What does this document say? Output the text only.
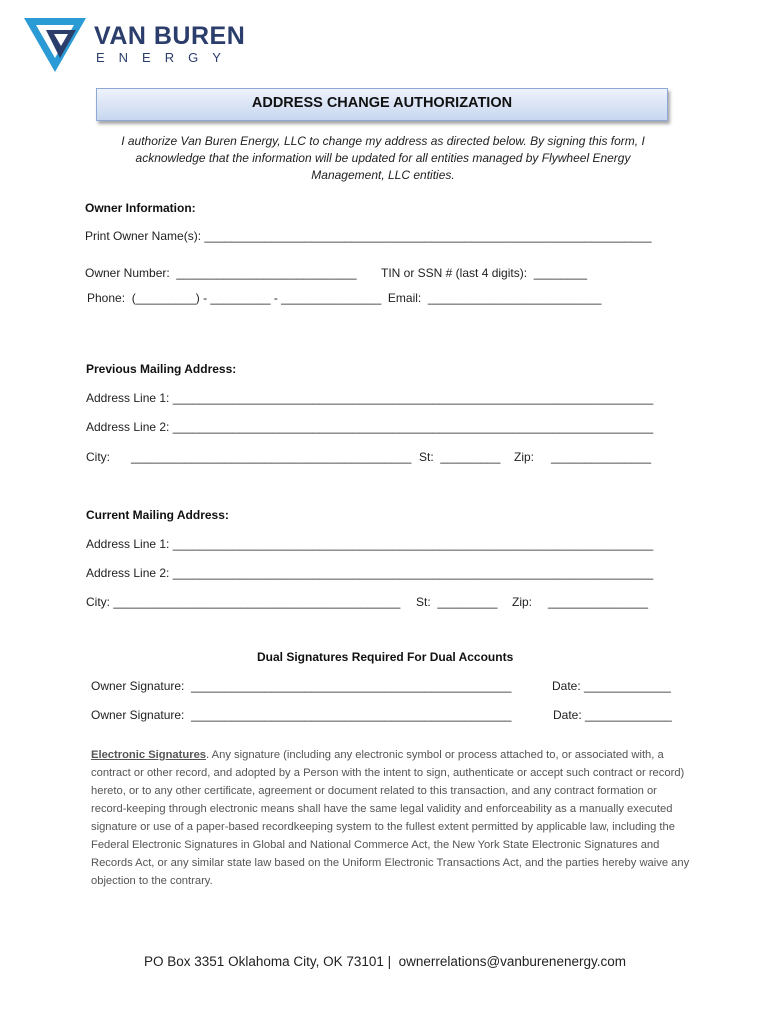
VAN BUREN
ENERGY
ADDRESS CHANGE AUTHORIZATION
I authorize Van Buren Energy, LLC to change my address as directed below. By signing this form, I acknowledge that the information will be updated for all entities managed by Flywheel Energy Management, LLC entities.
Owner Information:
Print Owner Name(s): ___________________________________________________________________
Owner Number:  ___________________________ TIN or SSN # (last 4 digits):  ________
Phone:  (_________) - _________ - _______________  Email:  __________________________
Previous Mailing Address:
Address Line 1: ________________________________________________________________________
Address Line 2: ________________________________________________________________________
City: __________________________________________ St:  _________ Zip: _______________
Current Mailing Address:
Address Line 1: ________________________________________________________________________
Address Line 2: ________________________________________________________________________
City: ___________________________________________ St:  _________ Zip: _______________
Dual Signatures Required For Dual Accounts
Owner Signature:  ________________________________________________	Date: _____________
Owner Signature:  ________________________________________________	Date: _____________
Electronic Signatures. Any signature (including any electronic symbol or process attached to, or associated with, a contract or other record, and adopted by a Person with the intent to sign, authenticate or accept such contract or record) hereto, or to any other certificate, agreement or document related to this transaction, and any contract formation or record-keeping through electronic means shall have the same legal validity and enforceability as a manually executed signature or use of a paper-based recordkeeping system to the fullest extent permitted by applicable law, including the Federal Electronic Signatures in Global and National Commerce Act, the New York State Electronic Signatures and Records Act, or any similar state law based on the Uniform Electronic Transactions Act, and the parties hereby waive any objection to the contrary.
PO Box 3351 Oklahoma City, OK 73101 |  ownerrelations@vanburenenergy.com
